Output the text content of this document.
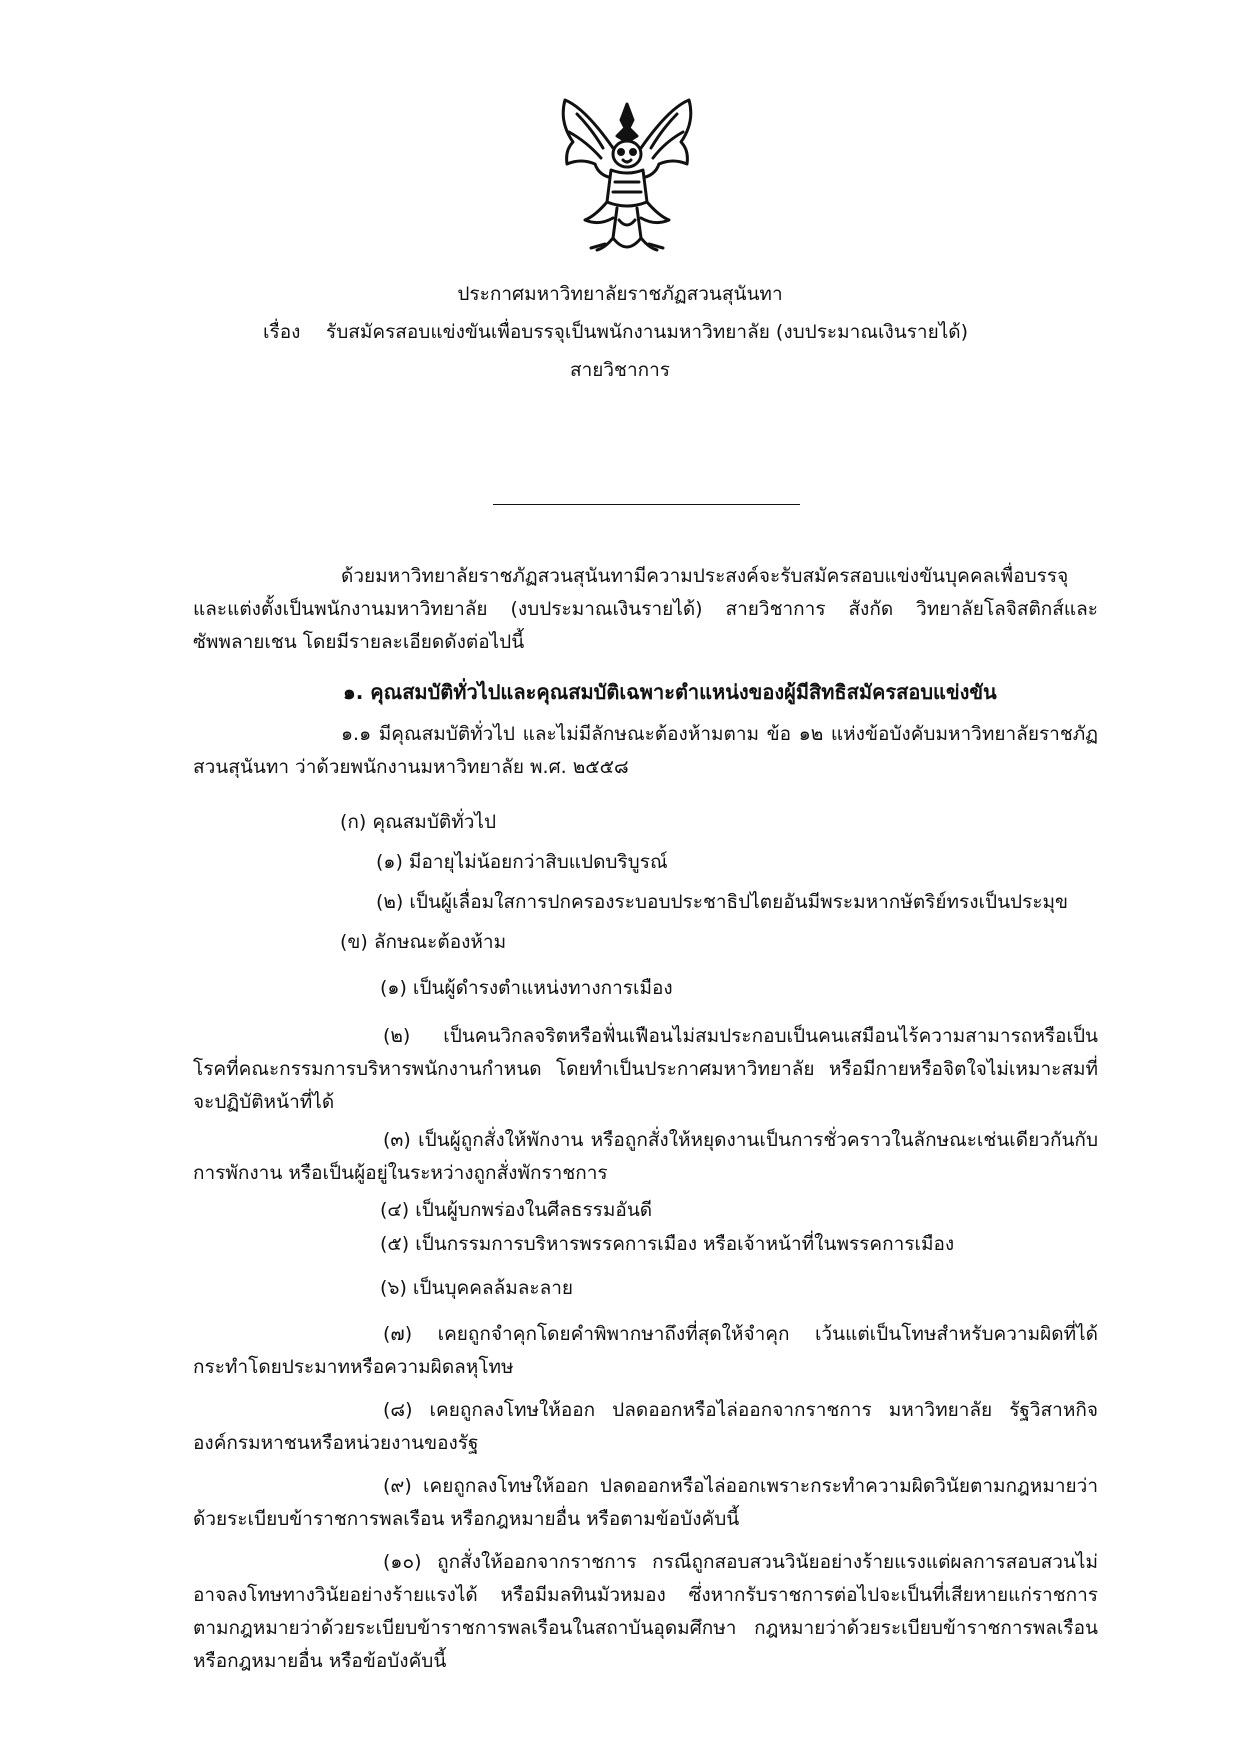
ประกาศมหาวิทยาลัยราชภัฏสวนสุนันทา
เรื่อง รับสมัครสอบแข่งขันเพื่อบรรจุเป็นพนักงานมหาวิทยาลัย (งบประมาณเงินรายได้)
สายวิชาการ
ด้วยมหาวิทยาลัยราชภัฏสวนสุนันทามีความประสงค์จะรับสมัครสอบแข่งขันบุคคลเพื่อบรรจุและแต่งตั้งเป็นพนักงานมหาวิทยาลัย (งบประมาณเงินรายได้) สายวิชาการ สังกัด วิทยาลัยโลจิสติกส์และซัพพลายเชน โดยมีรายละเอียดดังต่อไปนี้
๑. คุณสมบัติทั่วไปและคุณสมบัติเฉพาะตำแหน่งของผู้มีสิทธิสมัครสอบแข่งขัน
๑.๑ มีคุณสมบัติทั่วไป และไม่มีลักษณะต้องห้ามตาม ข้อ ๑๒ แห่งข้อบังคับมหาวิทยาลัยราชภัฏสวนสุนันทา ว่าด้วยพนักงานมหาวิทยาลัย พ.ศ. ๒๕๕๘
(ก) คุณสมบัติทั่วไป
(๑) มีอายุไม่น้อยกว่าสิบแปดบริบูรณ์
(๒) เป็นผู้เลื่อมใสการปกครองระบอบประชาธิปไตยอันมีพระมหากษัตริย์ทรงเป็นประมุข
(ข) ลักษณะต้องห้าม
(๑) เป็นผู้ดำรงตำแหน่งทางการเมือง
(๒) เป็นคนวิกลจริตหรือฟั่นเฟือนไม่สมประกอบเป็นคนเสมือนไร้ความสามารถหรือเป็นโรคที่คณะกรรมการบริหารพนักงานกำหนด โดยทำเป็นประกาศมหาวิทยาลัย หรือมีกายหรือจิตใจไม่เหมาะสมที่จะปฏิบัติหน้าที่ได้
(๓) เป็นผู้ถูกสั่งให้พักงาน หรือถูกสั่งให้หยุดงานเป็นการชั่วคราวในลักษณะเช่นเดียวกันกับการพักงาน หรือเป็นผู้อยู่ในระหว่างถูกสั่งพักราชการ
(๔) เป็นผู้บกพร่องในศีลธรรมอันดี
(๕) เป็นกรรมการบริหารพรรคการเมือง หรือเจ้าหน้าที่ในพรรคการเมือง
(๖) เป็นบุคคลล้มละลาย
(๗) เคยถูกจำคุกโดยคำพิพากษาถึงที่สุดให้จำคุก เว้นแต่เป็นโทษสำหรับความผิดที่ได้กระทำโดยประมาทหรือความผิดลหุโทษ
(๘) เคยถูกลงโทษให้ออก ปลดออกหรือไล่ออกจากราชการ มหาวิทยาลัย รัฐวิสาหกิจองค์กรมหาชนหรือหน่วยงานของรัฐ
(๙) เคยถูกลงโทษให้ออก ปลดออกหรือไล่ออกเพราะกระทำความผิดวินัยตามกฎหมายว่าด้วยระเบียบข้าราชการพลเรือน หรือกฎหมายอื่น หรือตามข้อบังคับนี้
(๑๐) ถูกสั่งให้ออกจากราชการ กรณีถูกสอบสวนวินัยอย่างร้ายแรงแต่ผลการสอบสวนไม่อาจลงโทษทางวินัยอย่างร้ายแรงได้ หรือมีมลทินมัวหมอง ซึ่งหากรับราชการต่อไปจะเป็นที่เสียหายแก่ราชการตามกฎหมายว่าด้วยระเบียบข้าราชการพลเรือนในสถาบันอุดมศึกษา กฎหมายว่าด้วยระเบียบข้าราชการพลเรือน หรือกฎหมายอื่น หรือข้อบังคับนี้
